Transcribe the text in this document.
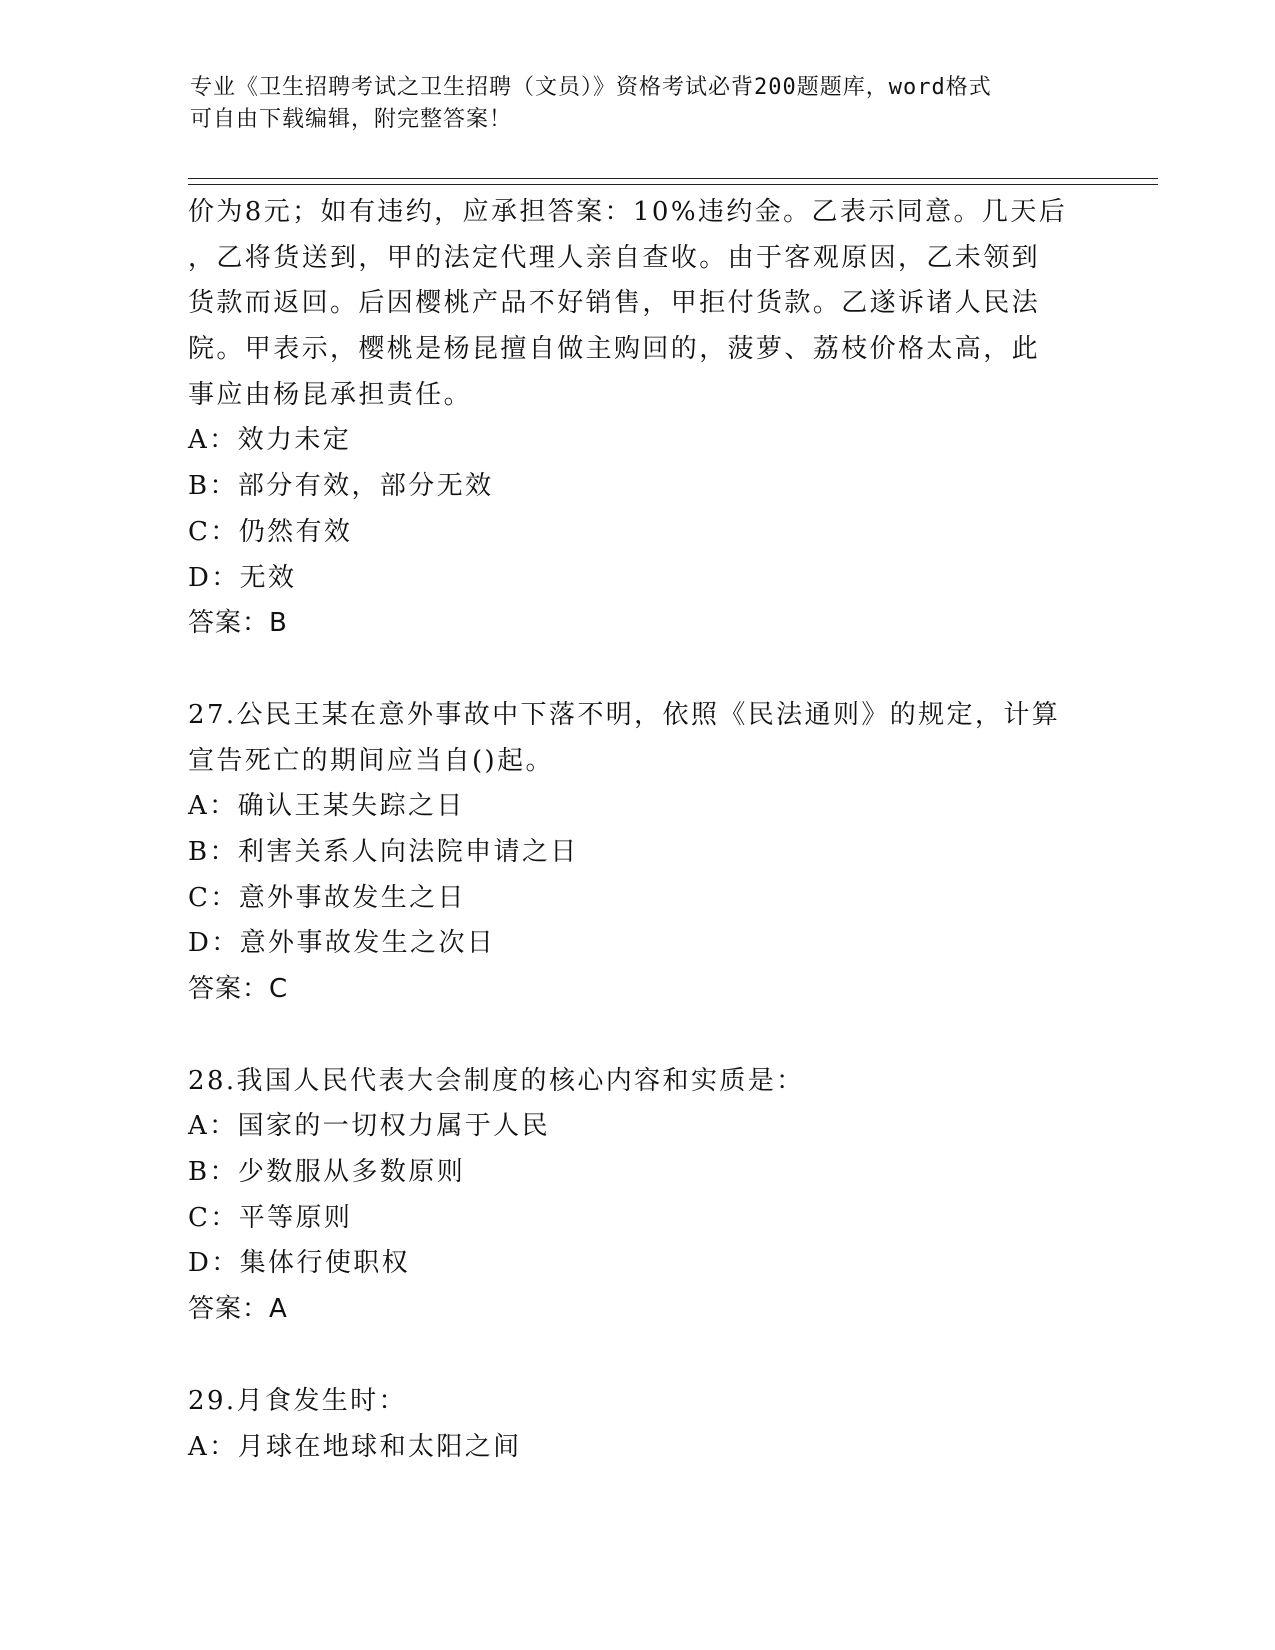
专业《卫生招聘考试之卫生招聘（文员）》资格考试必背200题题库，word格式
可自由下载编辑，附完整答案！
价为8元；如有违约，应承担答案：10%违约金。乙表示同意。几天后
，乙将货送到，甲的法定代理人亲自查收。由于客观原因，乙未领到
货款而返回。后因樱桃产品不好销售，甲拒付货款。乙遂诉诸人民法
院。甲表示，樱桃是杨昆擅自做主购回的，菠萝、荔枝价格太高，此
事应由杨昆承担责任。
A：效力未定
B：部分有效，部分无效
C：仍然有效
D：无效
答案：B
27.公民王某在意外事故中下落不明，依照《民法通则》的规定，计算
宣告死亡的期间应当自()起。
A：确认王某失踪之日
B：利害关系人向法院申请之日
C：意外事故发生之日
D：意外事故发生之次日
答案：C
28.我国人民代表大会制度的核心内容和实质是：
A：国家的一切权力属于人民
B：少数服从多数原则
C：平等原则
D：集体行使职权
答案：A
29.月食发生时：
A：月球在地球和太阳之间
